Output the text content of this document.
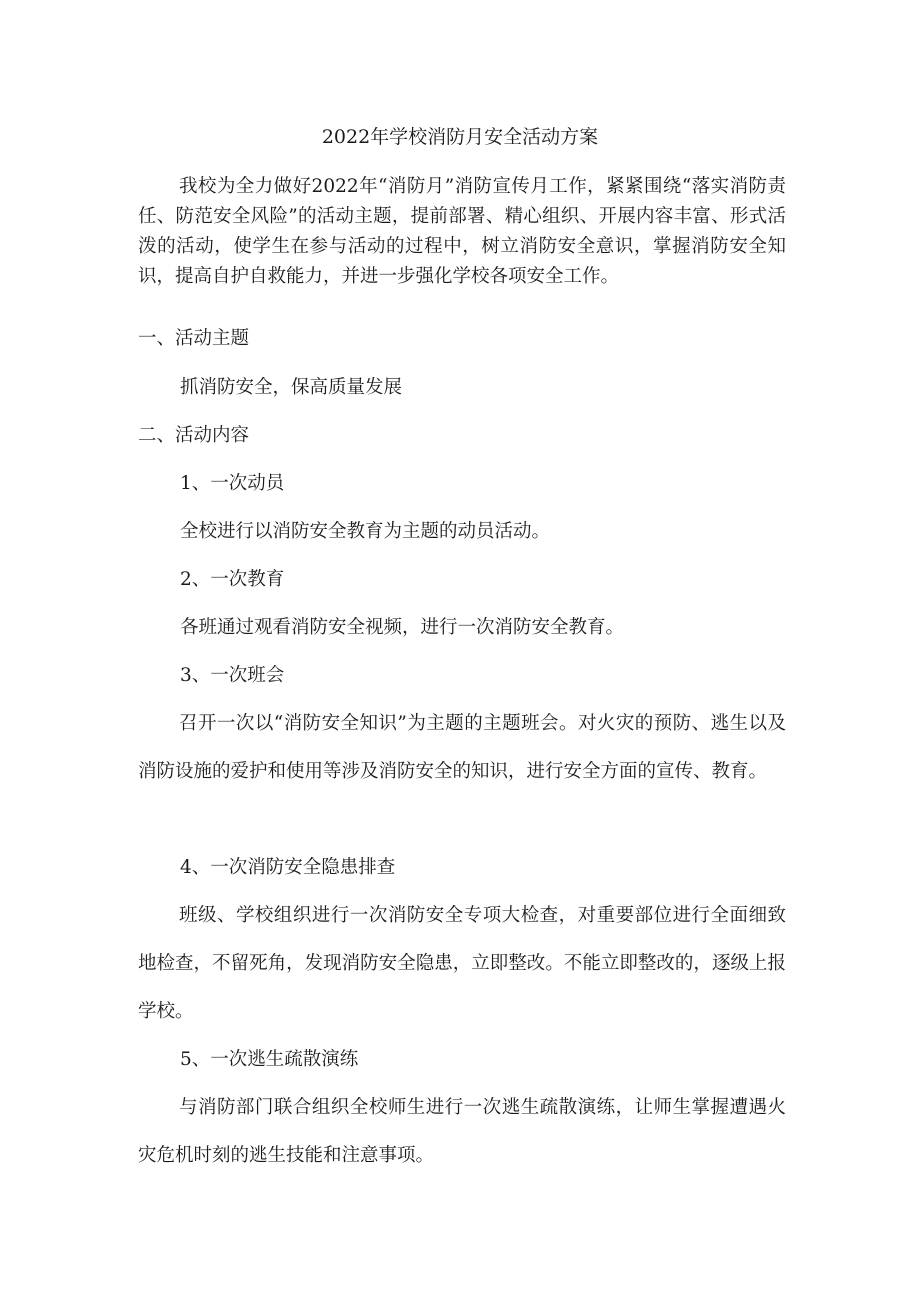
2022年学校消防月安全活动方案
我校为全力做好2022年“消防月”消防宣传月工作，紧紧围绕“落实消防责任、防范安全风险”的活动主题，提前部署、精心组织、开展内容丰富、形式活泼的活动，使学生在参与活动的过程中，树立消防安全意识，掌握消防安全知识，提高自护自救能力，并进一步强化学校各项安全工作。
一、活动主题
抓消防安全，保高质量发展
二、活动内容
1、一次动员
全校进行以消防安全教育为主题的动员活动。
2、一次教育
各班通过观看消防安全视频，进行一次消防安全教育。
3、一次班会
召开一次以“消防安全知识”为主题的主题班会。对火灾的预防、逃生以及消防设施的爱护和使用等涉及消防安全的知识，进行安全方面的宣传、教育。
4、一次消防安全隐患排查
班级、学校组织进行一次消防安全专项大检查，对重要部位进行全面细致地检查，不留死角，发现消防安全隐患，立即整改。不能立即整改的，逐级上报学校。
5、一次逃生疏散演练
与消防部门联合组织全校师生进行一次逃生疏散演练，让师生掌握遭遇火灾危机时刻的逃生技能和注意事项。
